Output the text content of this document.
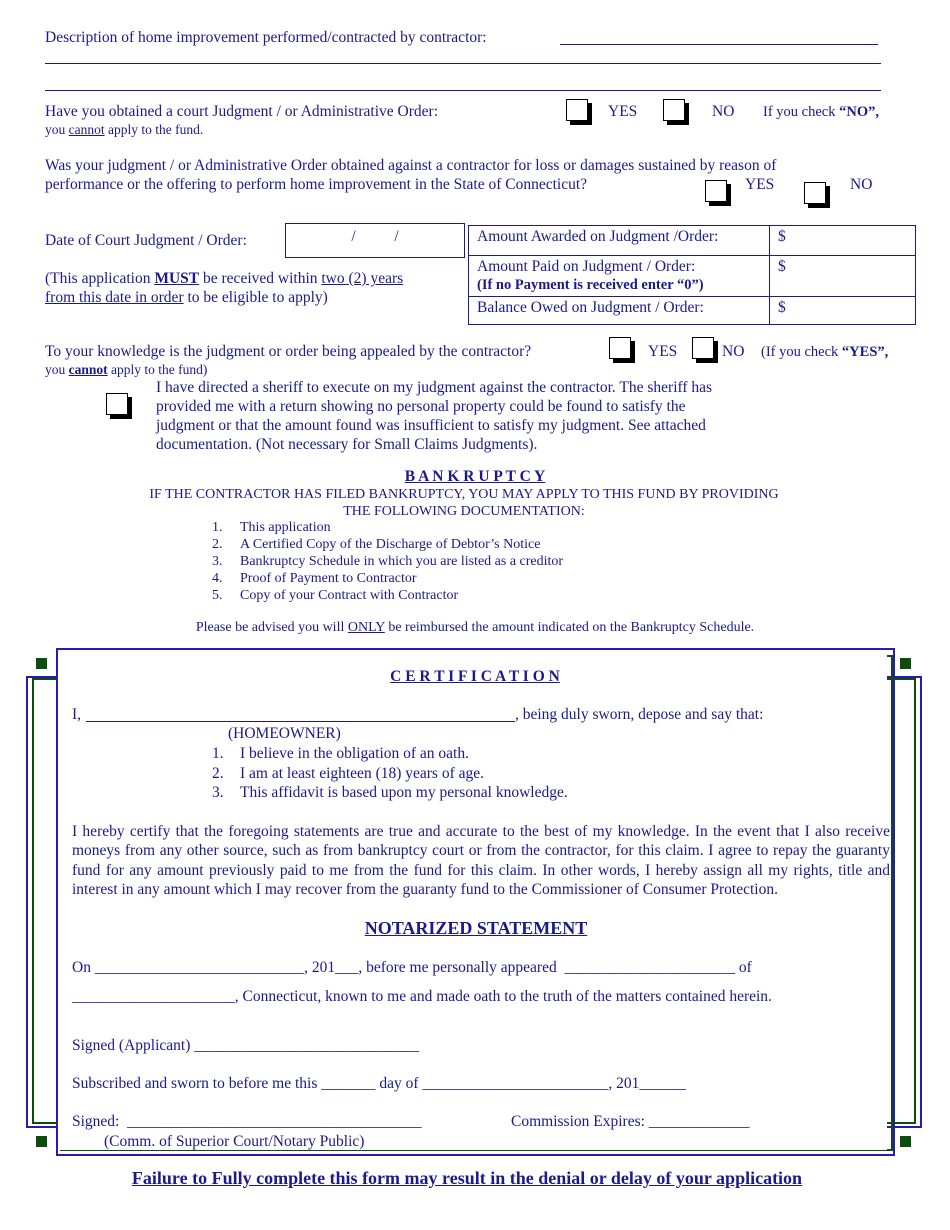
Description of home improvement performed/contracted by contractor:
Have you obtained a court Judgment / or Administrative Order:	YES	NO If you check “NO”,
you cannot apply to the fund.
Was your judgment / or Administrative Order obtained against a contractor for loss or damages sustained by reason of
performance or the offering to perform home improvement in the State of Connecticut?	YES	NO
Date of Court Judgment / Order:	/          /
(This application MUST be received within two (2) years
from this date in order to be eligible to apply)
Amount Awarded on Judgment /Order:	$
Amount Paid on Judgment / Order:
(If no Payment is received enter “0”)	$
Balance Owed on Judgment / Order:	$
To your knowledge is the judgment or order being appealed by the contractor?	YES	NO (If you check “YES”,
you cannot apply to the fund)
I have directed a sheriff to execute on my judgment against the contractor. The sheriff has
provided me with a return showing no personal property could be found to satisfy the
judgment or that the amount found was insufficient to satisfy my judgment. See attached
documentation. (Not necessary for Small Claims Judgments).
B A N K R U P T C Y
IF THE CONTRACTOR HAS FILED BANKRUPTCY, YOU MAY APPLY TO THIS FUND BY PROVIDING
THE FOLLOWING DOCUMENTATION:
1. This application
2. A Certified Copy of the Discharge of Debtor’s Notice
3. Bankruptcy Schedule in which you are listed as a creditor
4. Proof of Payment to Contractor
5. Copy of your Contract with Contractor
Please be advised you will ONLY be reimbursed the amount indicated on the Bankruptcy Schedule.
C E R T I F I C A T I O N
I,	, being duly sworn, depose and say that:
(HOMEOWNER)
1. I believe in the obligation of an oath.
2. I am at least eighteen (18) years of age.
3. This affidavit is based upon my personal knowledge.
I hereby certify that the foregoing statements are true and accurate to the best of my knowledge. In the event that I also receive moneys from any other source, such as from bankruptcy court or from the contractor, for this claim. I agree to repay the guaranty fund for any amount previously paid to me from the fund for this claim. In other words, I hereby assign all my rights, title and interest in any amount which I may recover from the guaranty fund to the Commissioner of Consumer Protection.
NOTARIZED STATEMENT
On ___________________________, 201___, before me personally appeared  ______________________ of
_____________________, Connecticut, known to me and made oath to the truth of the matters contained herein.
Signed (Applicant) _____________________________
Subscribed and sworn to before me this _______ day of ________________________, 201______
Signed:  ______________________________________	Commission Expires: _____________
(Comm. of Superior Court/Notary Public)
Failure to Fully complete this form may result in the denial or delay of your application
